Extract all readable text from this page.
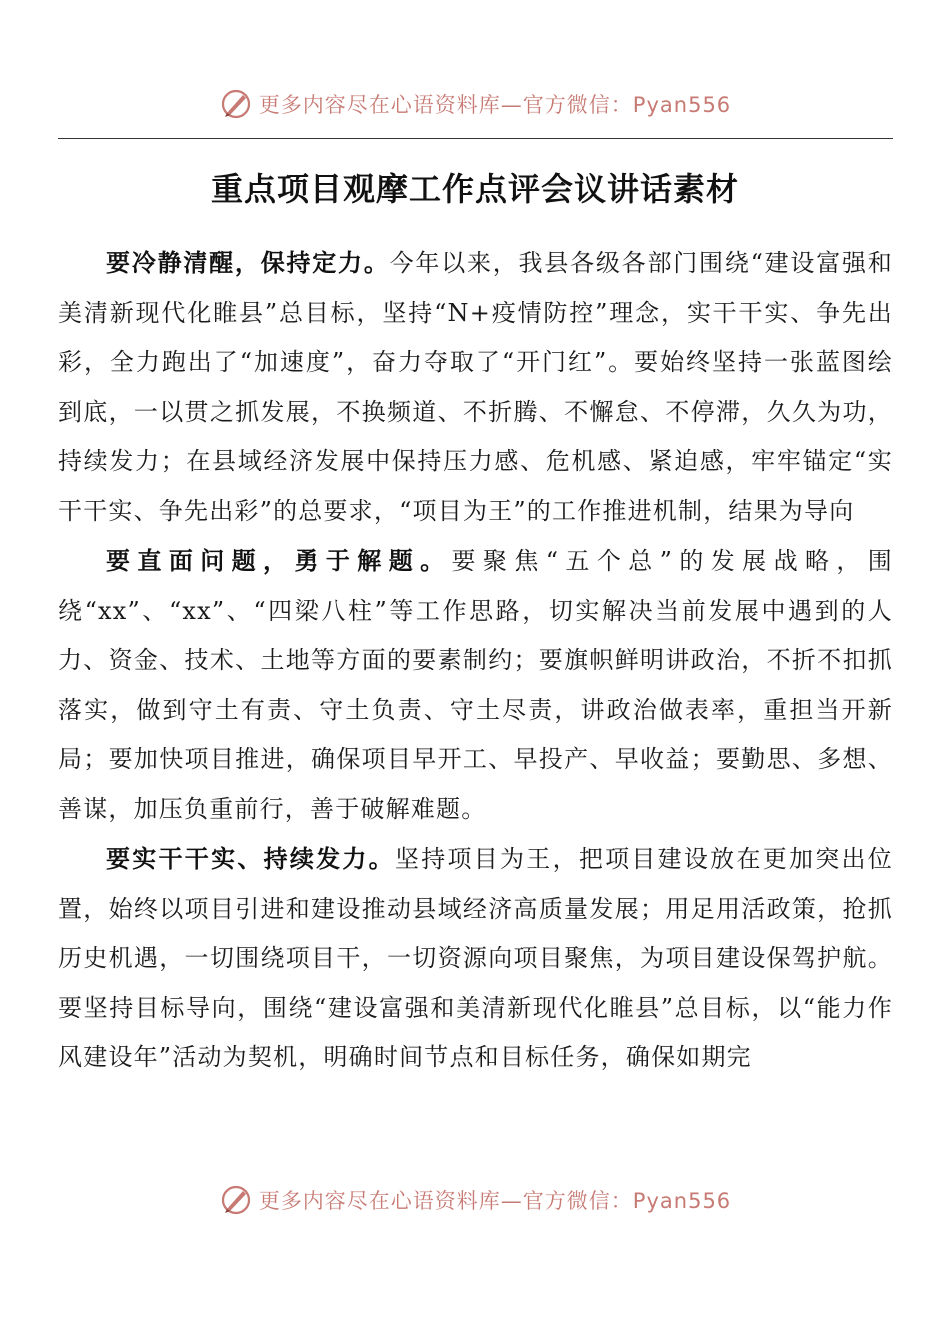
更多内容尽在心语资料库—官方微信：Pyan556
重点项目观摩工作点评会议讲话素材

要冷静清醒，保持定力。今年以来，我县各级各部门围绕“建设富强和美清新现代化睢县”总目标，坚持“N+疫情防控”理念，实干干实、争先出彩，全力跑出了“加速度”，奋力夺取了“开门红”。要始终坚持一张蓝图绘到底，一以贯之抓发展，不换频道、不折腾、不懈怠、不停滞，久久为功，持续发力；在县域经济发展中保持压力感、危机感、紧迫感，牢牢锚定“实干干实、争先出彩”的总要求，“项目为王”的工作推进机制，结果为导向

要直面问题，勇于解题。要聚焦“五个总”的发展战略，围绕“xx”、“xx”、“四梁八柱”等工作思路，切实解决当前发展中遇到的人力、资金、技术、土地等方面的要素制约；要旗帜鲜明讲政治，不折不扣抓落实，做到守土有责、守土负责、守土尽责，讲政治做表率，重担当开新局；要加快项目推进，确保项目早开工、早投产、早收益；要勤思、多想、善谋，加压负重前行，善于破解难题。

要实干干实、持续发力。坚持项目为王，把项目建设放在更加突出位置，始终以项目引进和建设推动县域经济高质量发展；用足用活政策，抢抓历史机遇，一切围绕项目干，一切资源向项目聚焦，为项目建设保驾护航。要坚持目标导向，围绕“建设富强和美清新现代化睢县”总目标，以“能力作风建设年”活动为契机，明确时间节点和目标任务，确保如期完

更多内容尽在心语资料库—官方微信：Pyan556
